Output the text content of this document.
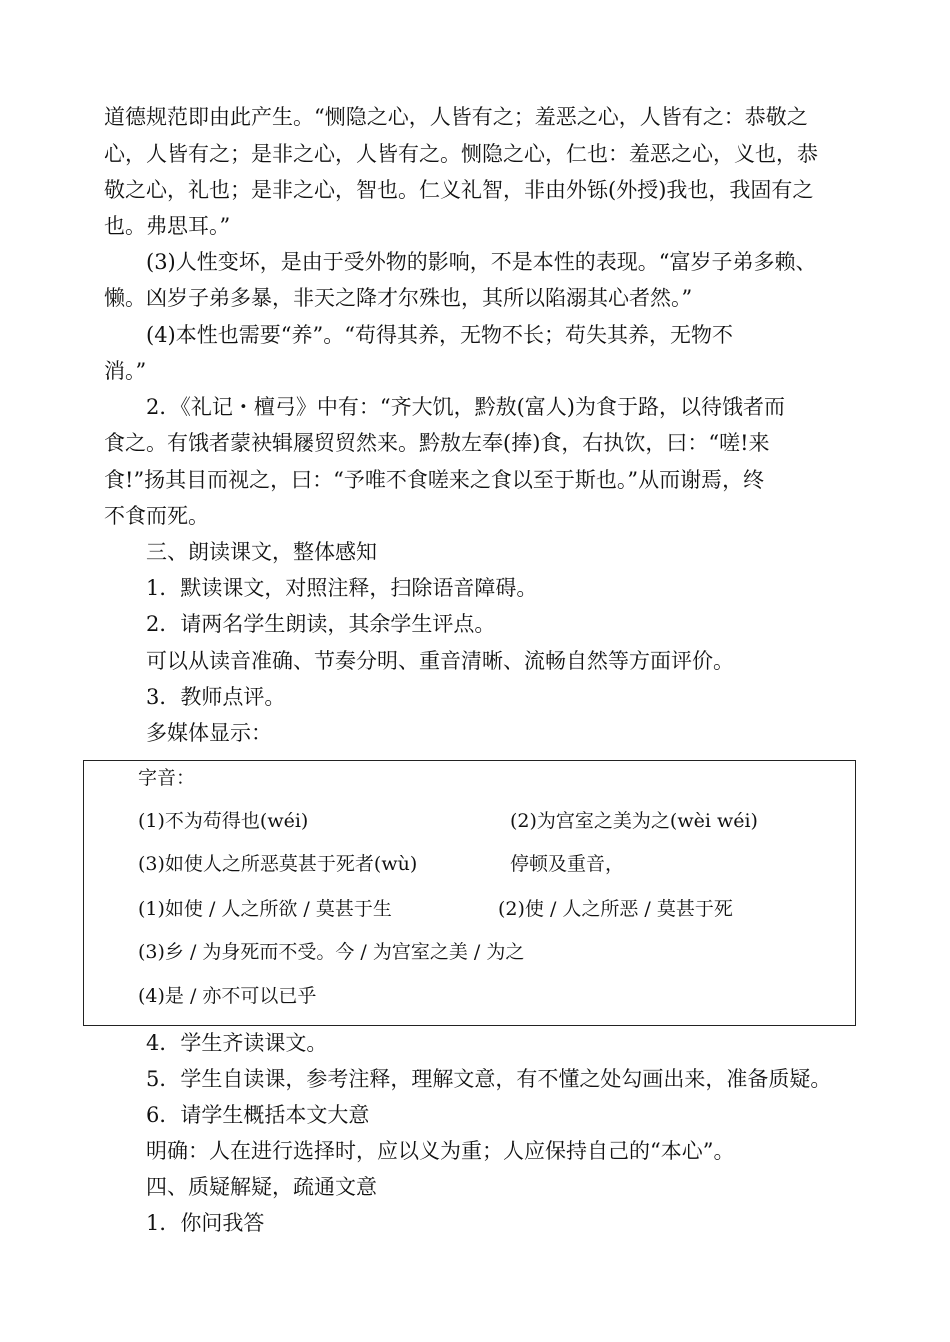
道德规范即由此产生。“恻隐之心，人皆有之；羞恶之心，人皆有之：恭敬之
心，人皆有之；是非之心，人皆有之。恻隐之心，仁也：羞恶之心，义也，恭
敬之心，礼也；是非之心，智也。仁义礼智，非由外铄(外授)我也，我固有之
也。弗思耳。”
(3)人性变坏，是由于受外物的影响，不是本性的表现。“富岁子弟多赖、
懒。凶岁子弟多暴，非天之降才尔殊也，其所以陷溺其心者然。”
(4)本性也需要“养”。“苟得其养，无物不长；苟失其养，无物不
消。”
2．《礼记・檀弓》中有：“齐大饥，黔敖(富人)为食于路，以待饿者而
食之。有饿者蒙袂辑屦贸贸然来。黔敖左奉(捧)食，右执饮，曰：“嗟!来
食!”扬其目而视之，曰：“予唯不食嗟来之食以至于斯也。”从而谢焉，终
不食而死。
三、朗读课文，整体感知
1．默读课文，对照注释，扫除语音障碍。
2．请两名学生朗读，其余学生评点。
可以从读音准确、节奏分明、重音清晰、流畅自然等方面评价。
3．教师点评。
多媒体显示：
字音：
(1)不为苟得也(wéi)	(2)为宫室之美为之(wèi wéi)
(3)如使人之所恶莫甚于死者(wù)	停顿及重音，
(1)如使 / 人之所欲 / 莫甚于生	(2)使 / 人之所恶 / 莫甚于死
(3)乡 / 为身死而不受。今 / 为宫室之美 / 为之
(4)是 / 亦不可以已乎
4．学生齐读课文。
5．学生自读课，参考注释，理解文意，有不懂之处勾画出来，准备质疑。
6．请学生概括本文大意
明确：人在进行选择时，应以义为重；人应保持自己的“本心”。
四、质疑解疑，疏通文意
1．你问我答
